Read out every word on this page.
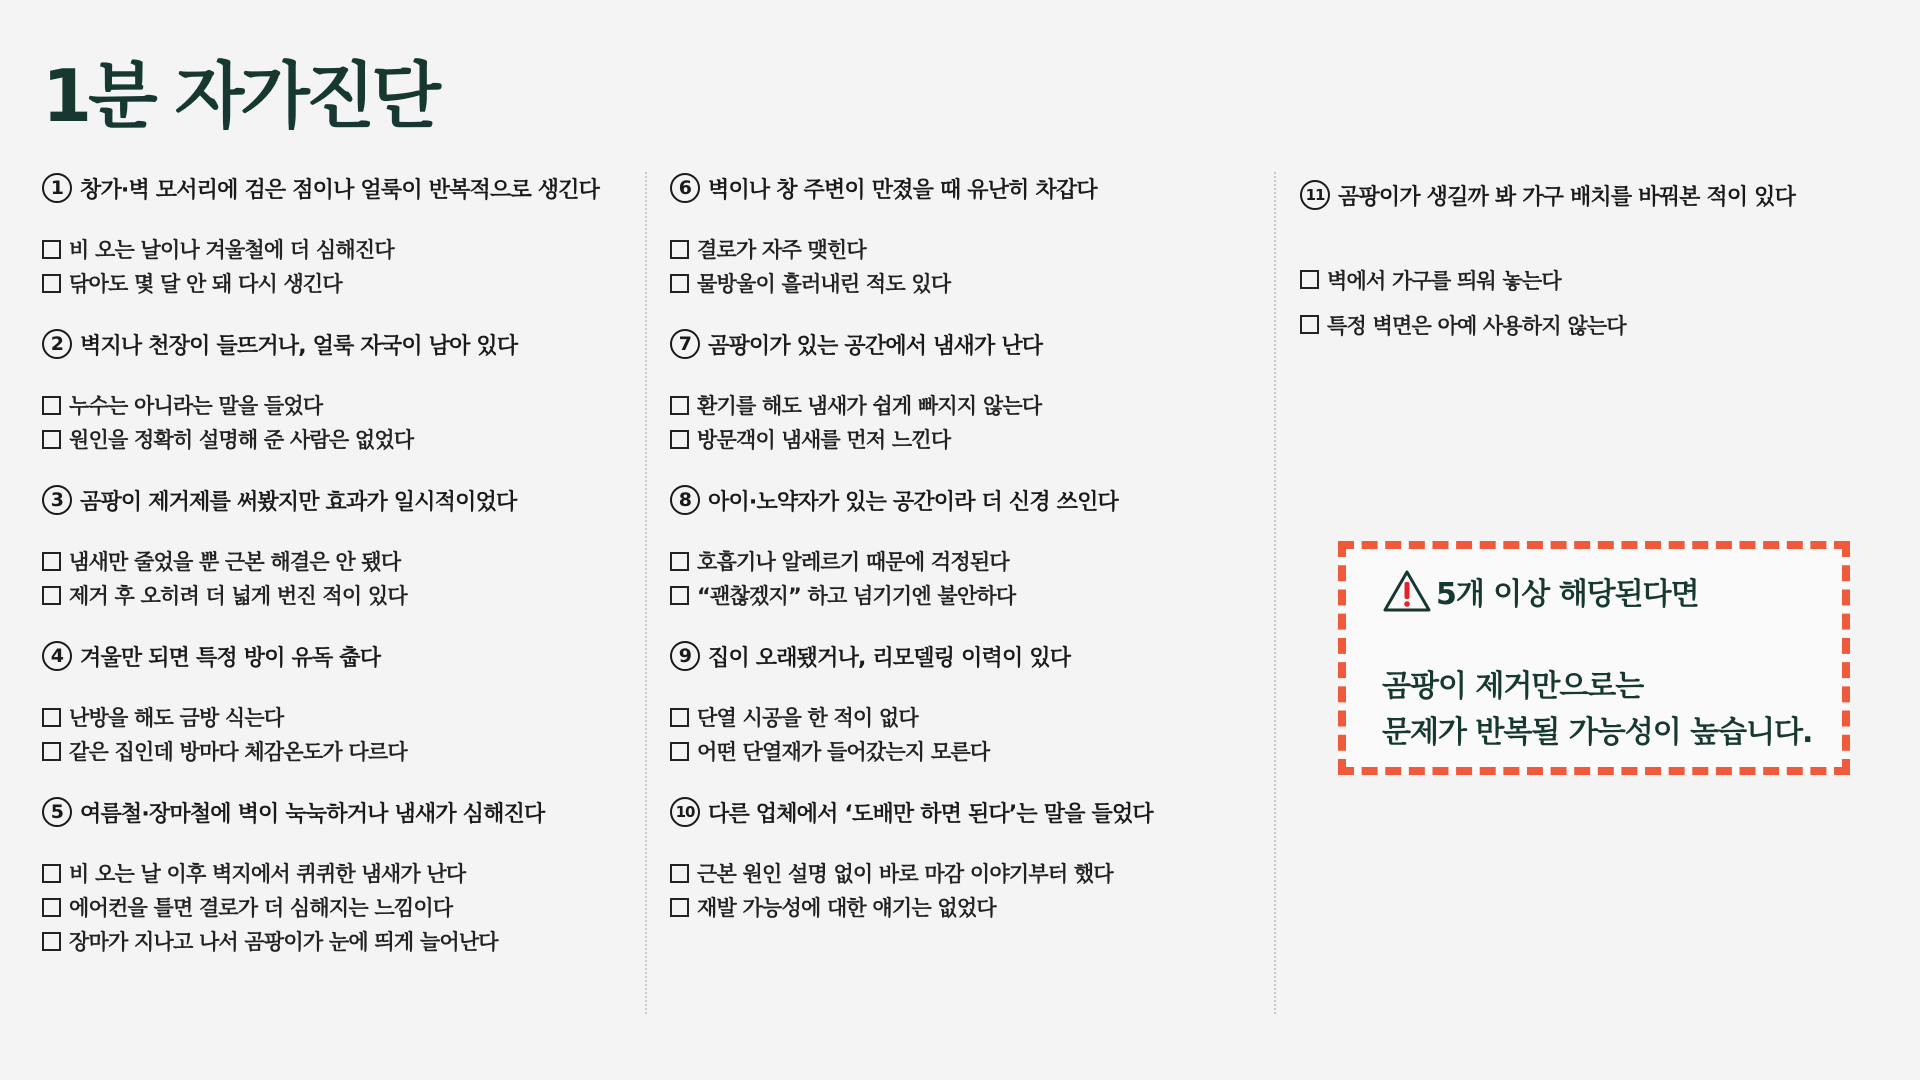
1분 자가진단
1 창가·벽 모서리에 검은 점이나 얼룩이 반복적으로 생긴다
비 오는 날이나 겨울철에 더 심해진다
닦아도 몇 달 안 돼 다시 생긴다
2 벽지나 천장이 들뜨거나, 얼룩 자국이 남아 있다
누수는 아니라는 말을 들었다
원인을 정확히 설명해 준 사람은 없었다
3 곰팡이 제거제를 써봤지만 효과가 일시적이었다
냄새만 줄었을 뿐 근본 해결은 안 됐다
제거 후 오히려 더 넓게 번진 적이 있다
4 겨울만 되면 특정 방이 유독 춥다
난방을 해도 금방 식는다
같은 집인데 방마다 체감온도가 다르다
5 여름철·장마철에 벽이 눅눅하거나 냄새가 심해진다
비 오는 날 이후 벽지에서 퀴퀴한 냄새가 난다
에어컨을 틀면 결로가 더 심해지는 느낌이다
장마가 지나고 나서 곰팡이가 눈에 띄게 늘어난다
6 벽이나 창 주변이 만졌을 때 유난히 차갑다
결로가 자주 맺힌다
물방울이 흘러내린 적도 있다
7 곰팡이가 있는 공간에서 냄새가 난다
환기를 해도 냄새가 쉽게 빠지지 않는다
방문객이 냄새를 먼저 느낀다
8 아이·노약자가 있는 공간이라 더 신경 쓰인다
호흡기나 알레르기 때문에 걱정된다
“괜찮겠지” 하고 넘기기엔 불안하다
9 집이 오래됐거나, 리모델링 이력이 있다
단열 시공을 한 적이 없다
어떤 단열재가 들어갔는지 모른다
10 다른 업체에서 ‘도배만 하면 된다’는 말을 들었다
근본 원인 설명 없이 바로 마감 이야기부터 했다
재발 가능성에 대한 얘기는 없었다
11 곰팡이가 생길까 봐 가구 배치를 바꿔본 적이 있다
벽에서 가구를 띄워 놓는다
특정 벽면은 아예 사용하지 않는다
5개 이상 해당된다면
곰팡이 제거만으로는
문제가 반복될 가능성이 높습니다.
